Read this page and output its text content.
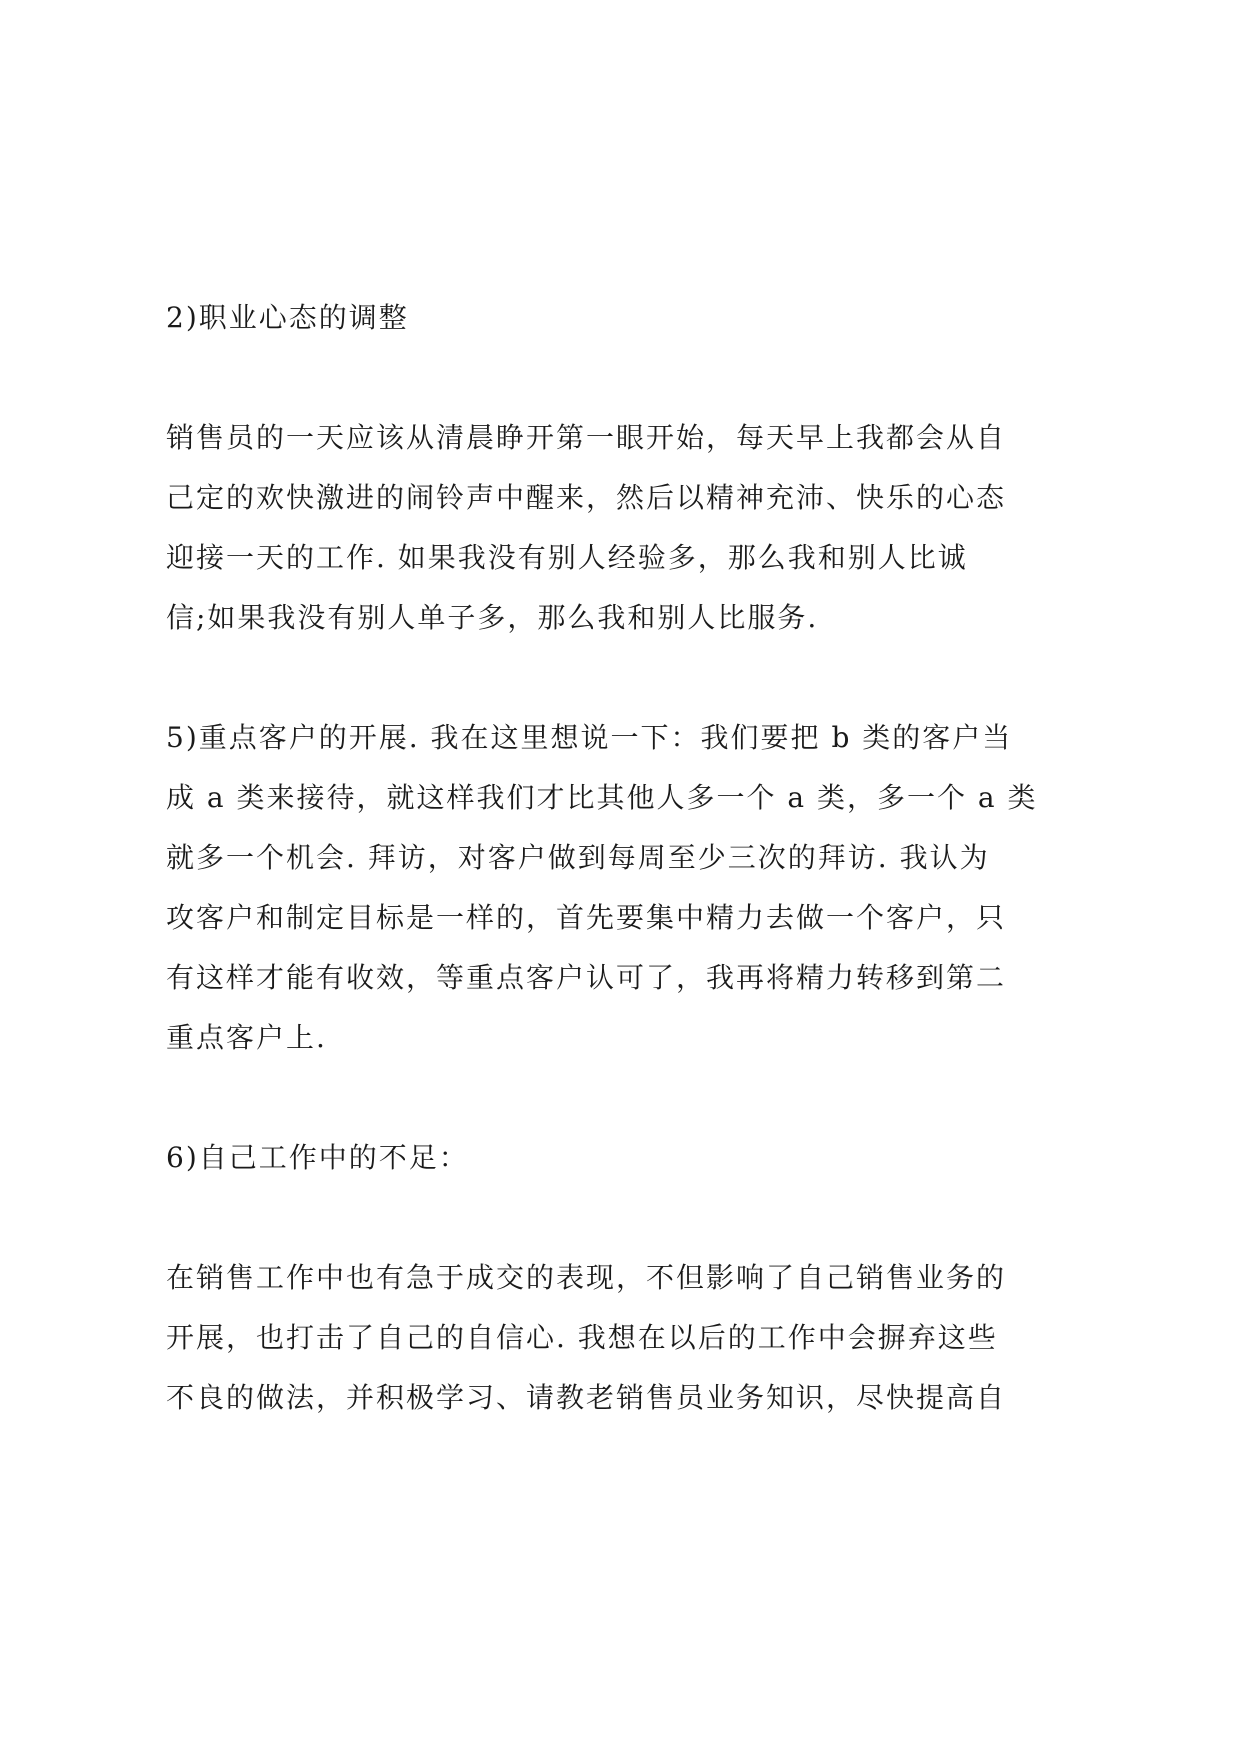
2)职业心态的调整

销售员的一天应该从清晨睁开第一眼开始，每天早上我都会从自
己定的欢快激进的闹铃声中醒来，然后以精神充沛、快乐的心态
迎接一天的工作. 如果我没有别人经验多，那么我和别人比诚
信;如果我没有别人单子多，那么我和别人比服务.

5)重点客户的开展. 我在这里想说一下：我们要把 b 类的客户当
成 a 类来接待，就这样我们才比其他人多一个 a 类，多一个 a 类
就多一个机会. 拜访，对客户做到每周至少三次的拜访. 我认为
攻客户和制定目标是一样的，首先要集中精力去做一个客户，只
有这样才能有收效，等重点客户认可了，我再将精力转移到第二
重点客户上.

6)自己工作中的不足：

在销售工作中也有急于成交的表现，不但影响了自己销售业务的
开展，也打击了自己的自信心. 我想在以后的工作中会摒弃这些
不良的做法，并积极学习、请教老销售员业务知识，尽快提高自
